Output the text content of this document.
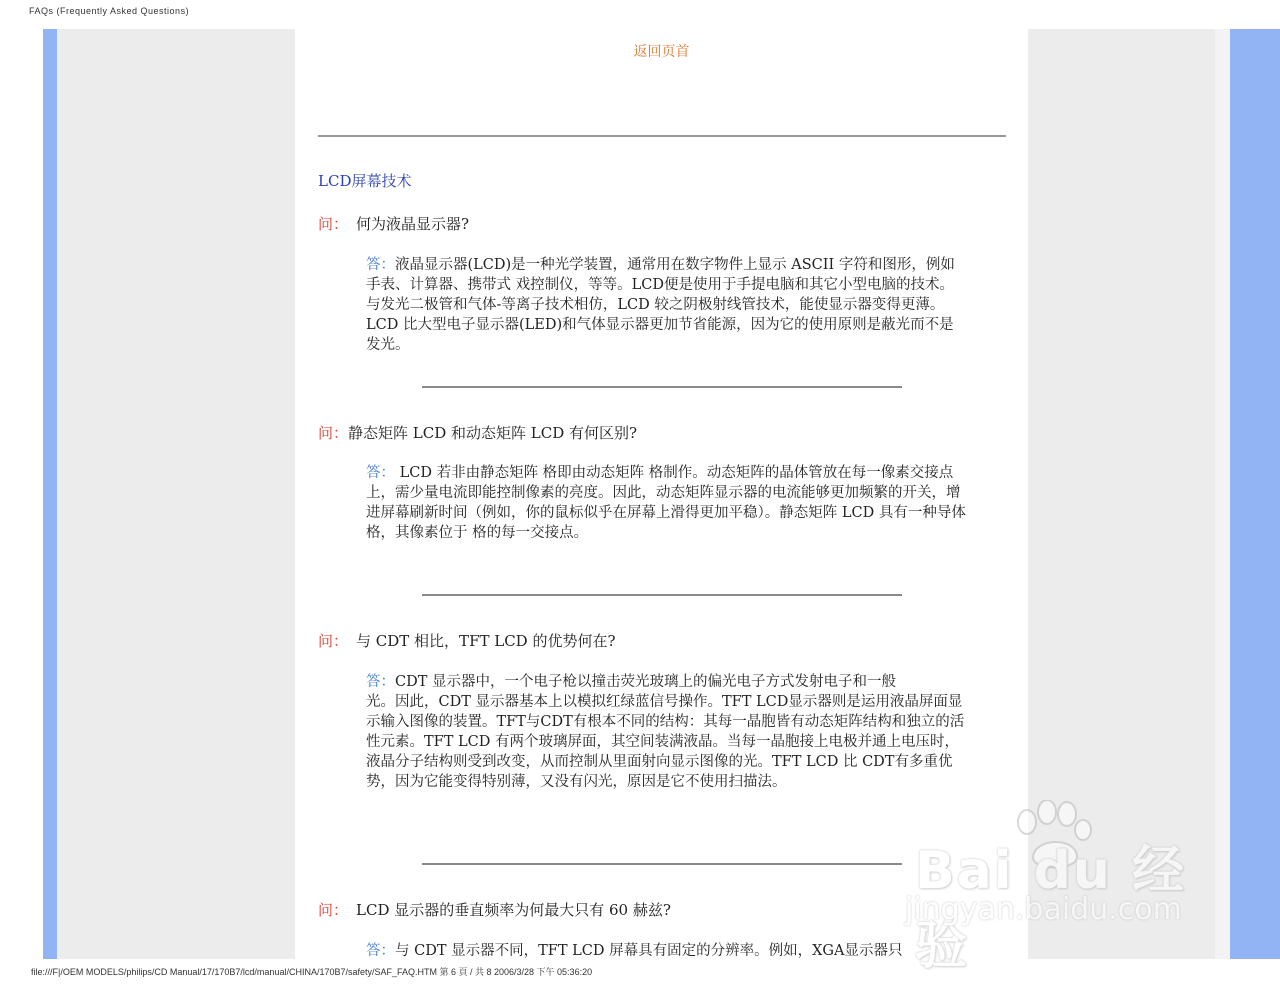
FAQs (Frequently Asked Questions)
返回页首
LCD屏幕技术
问： 何为液晶显示器?
答：液晶显示器(LCD)是一种光学装置，通常用在数字物件上显示 ASCII 字符和图形，例如手表、计算器、携带式 戏控制仪，等等。LCD便是使用于手提电脑和其它小型电脑的技术。与发光二极管和气体-等离子技术相仿，LCD 较之阴极射线管技术，能使显示器变得更薄。LCD 比大型电子显示器(LED)和气体显示器更加节省能源，因为它的使用原则是蔽光而不是发光。
问：静态矩阵 LCD 和动态矩阵 LCD 有何区别?
答： LCD 若非由静态矩阵 格即由动态矩阵 格制作。动态矩阵的晶体管放在每一像素交接点上，需少量电流即能控制像素的亮度。因此，动态矩阵显示器的电流能够更加频繁的开关，增进屏幕刷新时间（例如，你的鼠标似乎在屏幕上滑得更加平稳）。静态矩阵 LCD 具有一种导体 格，其像素位于 格的每一交接点。
问： 与 CDT 相比，TFT LCD 的优势何在?
答：CDT 显示器中，一个电子枪以撞击荧光玻璃上的偏光电子方式发射电子和一般
光。因此，CDT 显示器基本上以模拟红绿蓝信号操作。TFT LCD显示器则是运用液晶屏面显示输入图像的装置。TFT与CDT有根本不同的结构：其每一晶胞皆有动态矩阵结构和独立的活性元素。TFT LCD 有两个玻璃屏面，其空间装满液晶。当每一晶胞接上电极并通上电压时，液晶分子结构则受到改变，从而控制从里面射向显示图像的光。TFT LCD 比 CDT有多重优势，因为它能变得特别薄，又没有闪光，原因是它不使用扫描法。
问： LCD 显示器的垂直频率为何最大只有 60 赫兹?
答：与 CDT 显示器不同，TFT LCD 屏幕具有固定的分辨率。例如，XGA显示器只
Bai du 经验
jingyan.baidu.com
file:///F|/OEM MODELS/philips/CD Manual/17/170B7/lcd/manual/CHINA/170B7/safety/SAF_FAQ.HTM 第 6 頁 / 共 8 2006/3/28 下午 05:36:20
